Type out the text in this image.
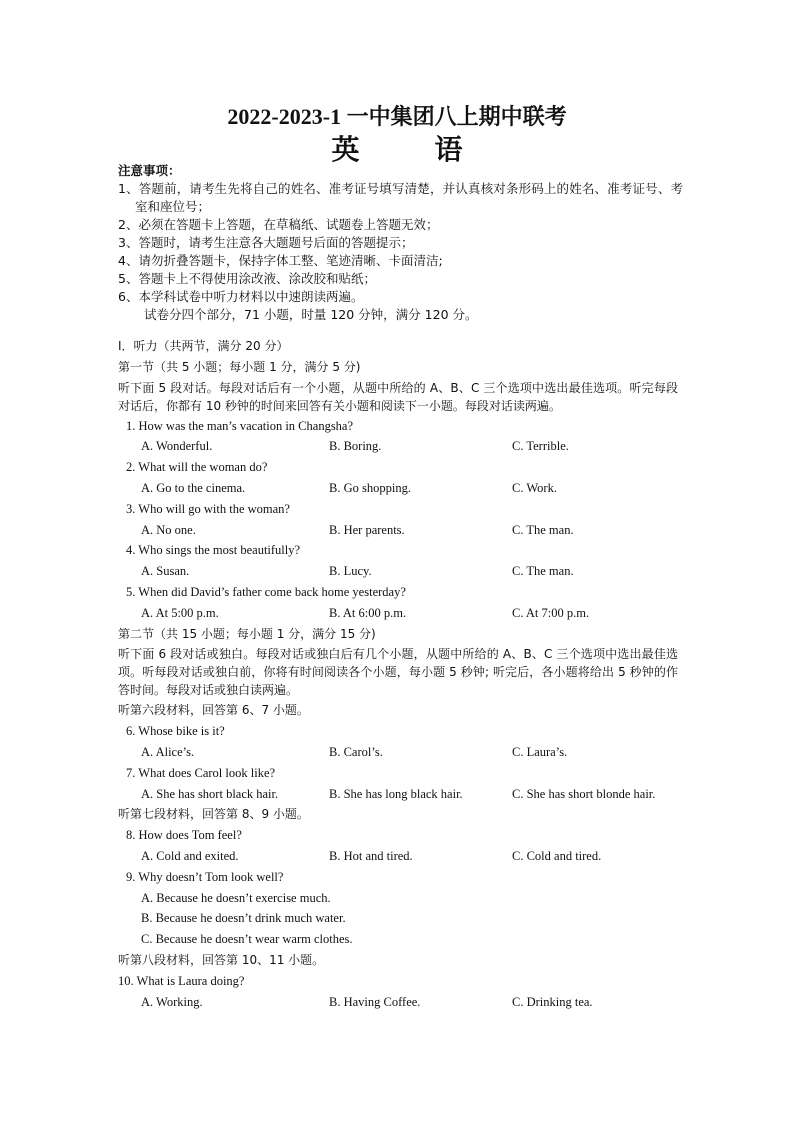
2022-2023-1 一中集团八上期中联考
英 语
注意事项：
1、答题前，请考生先将自己的姓名、准考证号填写清楚，并认真核对条形码上的姓名、准考证号、考室和座位号；
2、必须在答题卡上答题，在草稿纸、试题卷上答题无效；
3、答题时，请考生注意各大题题号后面的答题提示；
4、请勿折叠答题卡，保持字体工整、笔迹清晰、卡面清洁;
5、答题卡上不得使用涂改液、涂改胶和贴纸；
6、本学科试卷中听力材料以中速朗读两遍。
试卷分四个部分，71 小题，时量 120 分钟，满分 120 分。
I．听力（共两节，满分 20 分）
第一节（共 5 小题；每小题 1 分，满分 5 分)
听下面 5 段对话。每段对话后有一个小题，从题中所给的 A、B、C 三个选项中选出最佳选项。听完每段对话后，你都有 10 秒钟的时间来回答有关小题和阅读下一小题。每段对话读两遍。
1. How was the man’s vacation in Changsha?
A. Wonderful.	B. Boring.	C. Terrible.
2. What will the woman do?
A. Go to the cinema.	B. Go shopping.	C. Work.
3. Who will go with the woman?
A. No one.	B. Her parents.	C. The man.
4. Who sings the most beautifully?
A. Susan.	B. Lucy.	C. The man.
5. When did David’s father come back home yesterday?
A. At 5:00 p.m.	B. At 6:00 p.m.	C. At 7:00 p.m.
第二节（共 15 小题；每小题 1 分，满分 15 分)
听下面 6 段对话或独白。每段对话或独白后有几个小题，从题中所给的 A、B、C 三个选项中选出最佳选项。听每段对话或独白前，你将有时间阅读各个小题，每小题 5 秒钟; 听完后，各小题将给出 5 秒钟的作答时间。每段对话或独白读两遍。
听第六段材料，回答第 6、7 小题。
6. Whose bike is it?
A. Alice’s.	B. Carol’s.	C. Laura’s.
7. What does Carol look like?
A. She has short black hair.	B. She has long black hair.	C. She has short blonde hair.
听第七段材料，回答第 8、9 小题。
8. How does Tom feel?
A. Cold and exited.	B. Hot and tired.	C. Cold and tired.
9. Why doesn’t Tom look well?
A. Because he doesn’t exercise much.
B. Because he doesn’t drink much water.
C. Because he doesn’t wear warm clothes.
听第八段材料，回答第 10、11 小题。
10. What is Laura doing?
A. Working.	B. Having Coffee.	C. Drinking tea.
